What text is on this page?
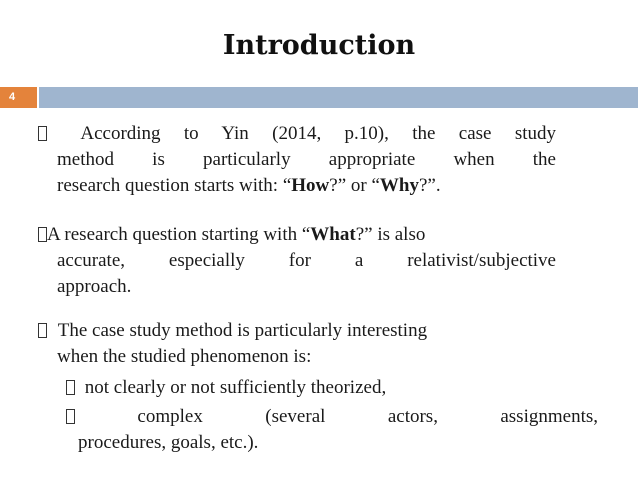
Introduction
4
According to Yin (2014, p.10), the case study
method is particularly appropriate when the
research question starts with: “How?” or “Why?”.
A research question starting with “What?” is also
accurate, especially for a relativist/subjective
approach.
The case study method is particularly interesting
when the studied phenomenon is:
not clearly or not sufficiently theorized,
complex	(several actors, assignments,
procedures, goals, etc.).
